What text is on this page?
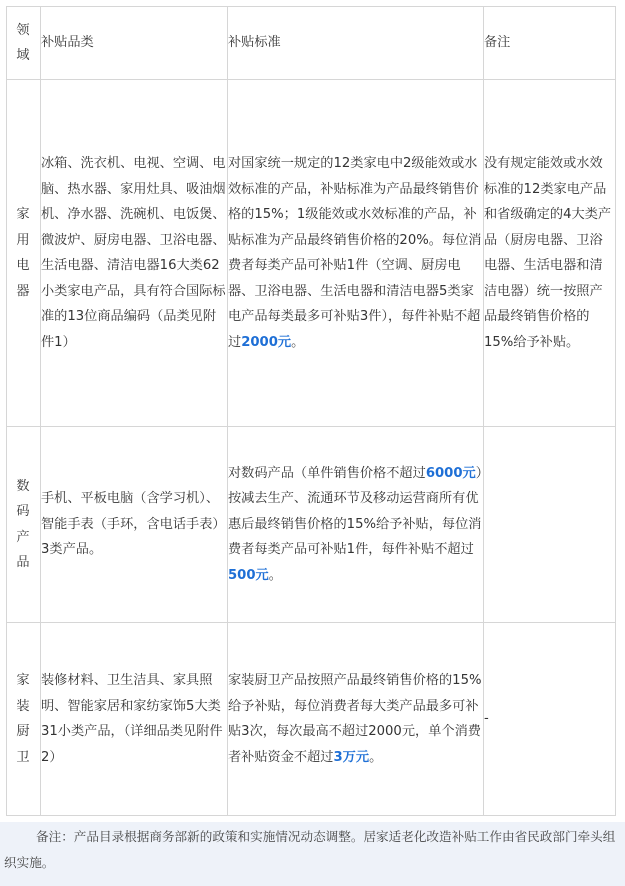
领
域	补贴品类	补贴标准	备注

家
用
电
器	冰箱、洗衣机、电视、空调、电脑、热水器、家用灶具、吸油烟机、净水器、洗碗机、电饭煲、微波炉、厨房电器、卫浴电器、生活电器、清洁电器16大类62小类家电产品，具有符合国际标准的13位商品编码（品类见附件1）	对国家统一规定的12类家电中2级能效或水效标准的产品，补贴标准为产品最终销售价格的15%；1级能效或水效标准的产品，补贴标准为产品最终销售价格的20%。每位消费者每类产品可补贴1件（空调、厨房电器、卫浴电器、生活电器和清洁电器5类家电产品每类最多可补贴3件），每件补贴不超过2000元。	没有规定能效或水效标准的12类家电产品和省级确定的4大类产品（厨房电器、卫浴电器、生活电器和清洁电器）统一按照产品最终销售价格的15%给予补贴。

数
码
产
品	手机、平板电脑（含学习机）、智能手表（手环，含电话手表）3类产品。	对数码产品（单件销售价格不超过6000元）按减去生产、流通环节及移动运营商所有优惠后最终销售价格的15%给予补贴，每位消费者每类产品可补贴1件，每件补贴不超过500元。	

家
装
厨
卫	装修材料、卫生洁具、家具照明、智能家居和家纺家饰5大类31小类产品，（详细品类见附件2）	家装厨卫产品按照产品最终销售价格的15%给予补贴，每位消费者每大类产品最多可补贴3次，每次最高不超过2000元，单个消费者补贴资金不超过3万元。	-
备注：产品目录根据商务部新的政策和实施情况动态调整。居家适老化改造补贴工作由省民政部门牵头组织实施。
